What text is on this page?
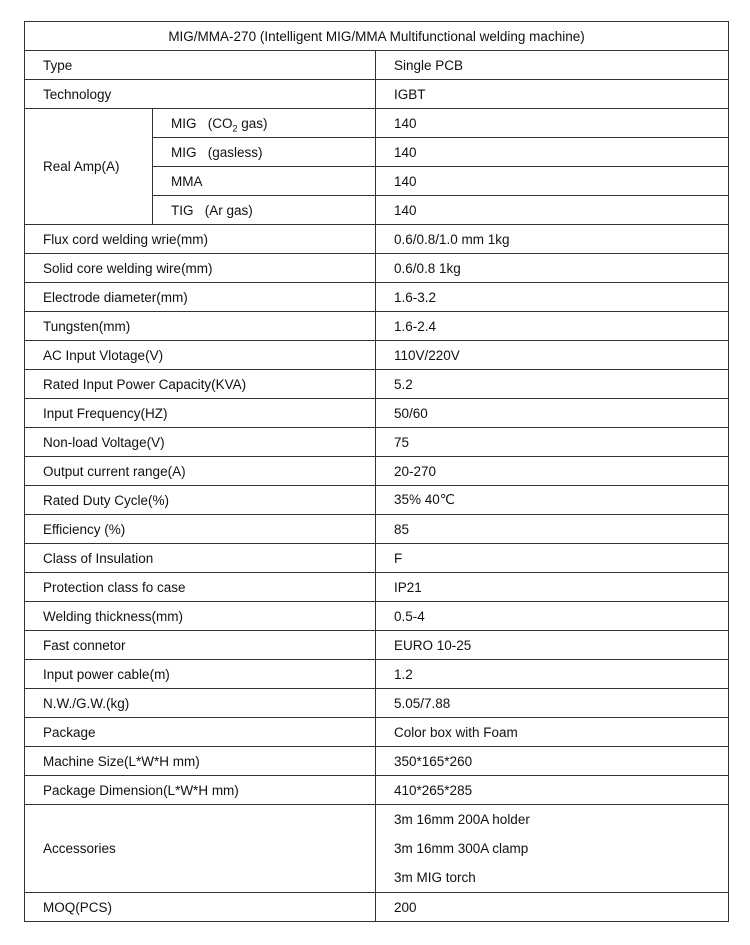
MIG/MMA-270 (Intelligent MIG/MMA Multifunctional welding machine)		
Type		Single PCB
Technology		IGBT
Real Amp(A)	MIG ($CO_2$ gas)	140
	MIG (gasless)	140
	MMA	140
	TIG (Ar gas)	140
Flux cord welding wrie(mm)		0.6/0.8/1.0 mm 1kg
Solid core welding wire(mm)		0.6/0.8 1kg
Electrode diameter(mm)		1.6-3.2
Tungsten(mm)		1.6-2.4
AC Input Vlotage(V)		110V/220V
Rated Input Power Capacity(KVA)		5.2
Input Frequency(HZ)		50/60
Non-load Voltage(V)		75
Output current range(A)		20-270
Rated Duty Cycle(%)		35% 40℃
Efficiency (%)		85
Class of Insulation		F
Protection class fo case		IP21
Welding thickness(mm)		0.5-4
Fast connetor		EURO 10-25
Input power cable(m)		1.2
N.W./G.W.(kg)		5.05/7.88
Package		Color box with Foam
Machine Size(L*W*H mm)		350*165*260
Package Dimension(L*W*H mm)		410*265*285
Accessories		3m 16mm 200A holder
3m 16mm 300A clamp
3m MIG torch

MOQ(PCS)		200
